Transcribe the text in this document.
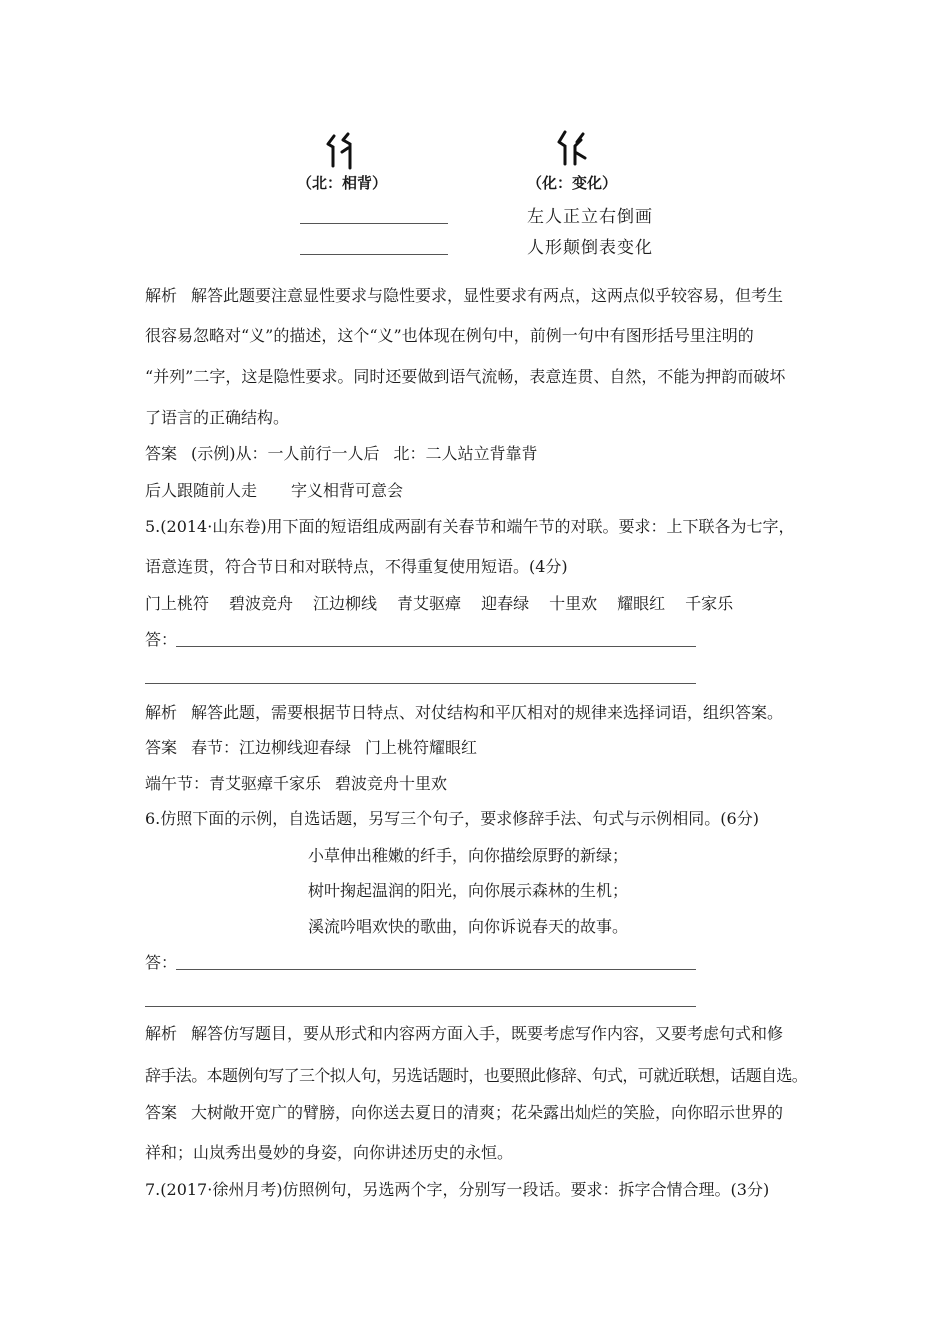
（北：相背）	（化：变化）
左人正立右倒画
人形颠倒表变化
解析 解答此题要注意显性要求与隐性要求，显性要求有两点，这两点似乎较容易，但考生
很容易忽略对“义”的描述，这个“义”也体现在例句中，前例一句中有图形括号里注明的
“并列”二字，这是隐性要求。同时还要做到语气流畅，表意连贯、自然，不能为押韵而破坏
了语言的正确结构。
答案 (示例)从：一人前行一人后 北：二人站立背靠背
后人跟随前人走 字义相背可意会
5.(2014·山东卷)用下面的短语组成两副有关春节和端午节的对联。要求：上下联各为七字，
语意连贯，符合节日和对联特点，不得重复使用短语。(4分)
门上桃符 碧波竞舟 江边柳线 青艾驱瘴 迎春绿 十里欢 耀眼红 千家乐
答：
解析 解答此题，需要根据节日特点、对仗结构和平仄相对的规律来选择词语，组织答案。
答案 春节：江边柳线迎春绿 门上桃符耀眼红
端午节：青艾驱瘴千家乐 碧波竞舟十里欢
6.仿照下面的示例，自选话题，另写三个句子，要求修辞手法、句式与示例相同。(6分)
小草伸出稚嫩的纤手，向你描绘原野的新绿；
树叶掬起温润的阳光，向你展示森林的生机；
溪流吟唱欢快的歌曲，向你诉说春天的故事。
答：
解析 解答仿写题目，要从形式和内容两方面入手，既要考虑写作内容，又要考虑句式和修
辞手法。本题例句写了三个拟人句，另选话题时，也要照此修辞、句式，可就近联想，话题自选。
答案 大树敞开宽广的臂膀，向你送去夏日的清爽；花朵露出灿烂的笑脸，向你昭示世界的
祥和；山岚秀出曼妙的身姿，向你讲述历史的永恒。
7.(2017·徐州月考)仿照例句，另选两个字，分别写一段话。要求：拆字合情合理。(3分)
